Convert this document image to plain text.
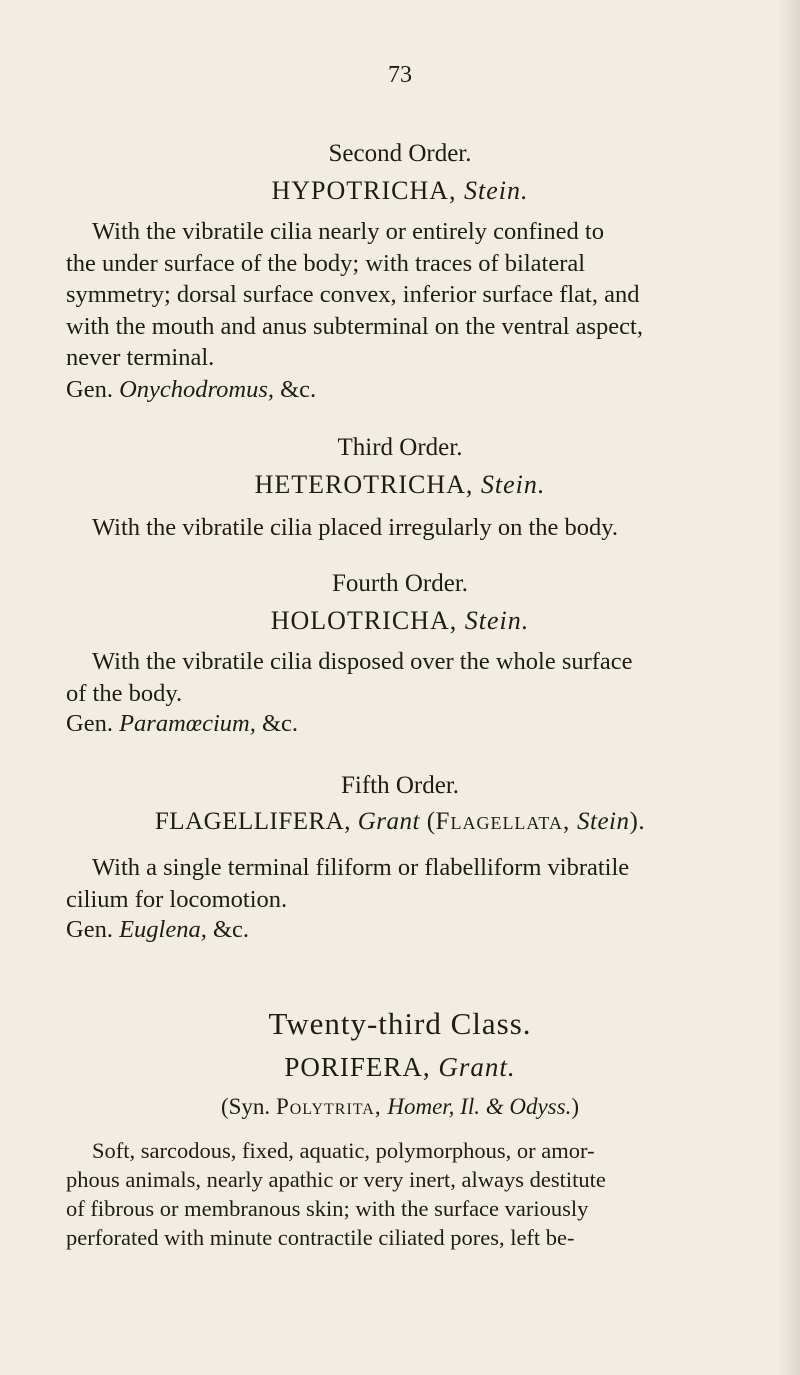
73
Second Order.
HYPOTRICHA, Stein.
With the vibratile cilia nearly or entirely confined to
the under surface of the body; with traces of bilateral
symmetry; dorsal surface convex, inferior surface flat, and
with the mouth and anus subterminal on the ventral aspect,
never terminal.
Gen. Onychodromus, &c.
Third Order.
HETEROTRICHA, Stein.
With the vibratile cilia placed irregularly on the body.
Fourth Order.
HOLOTRICHA, Stein.
With the vibratile cilia disposed over the whole surface
of the body.
Gen. Paramœcium, &c.
Fifth Order.
FLAGELLIFERA, Grant (Flagellata, Stein).
With a single terminal filiform or flabelliform vibratile
cilium for locomotion.
Gen. Euglena, &c.
Twenty-third Class.
PORIFERA, Grant.
(Syn. Polytrita, Homer, Il. & Odyss.)
Soft, sarcodous, fixed, aquatic, polymorphous, or amor-
phous animals, nearly apathic or very inert, always destitute
of fibrous or membranous skin; with the surface variously
perforated with minute contractile ciliated pores, left be-
